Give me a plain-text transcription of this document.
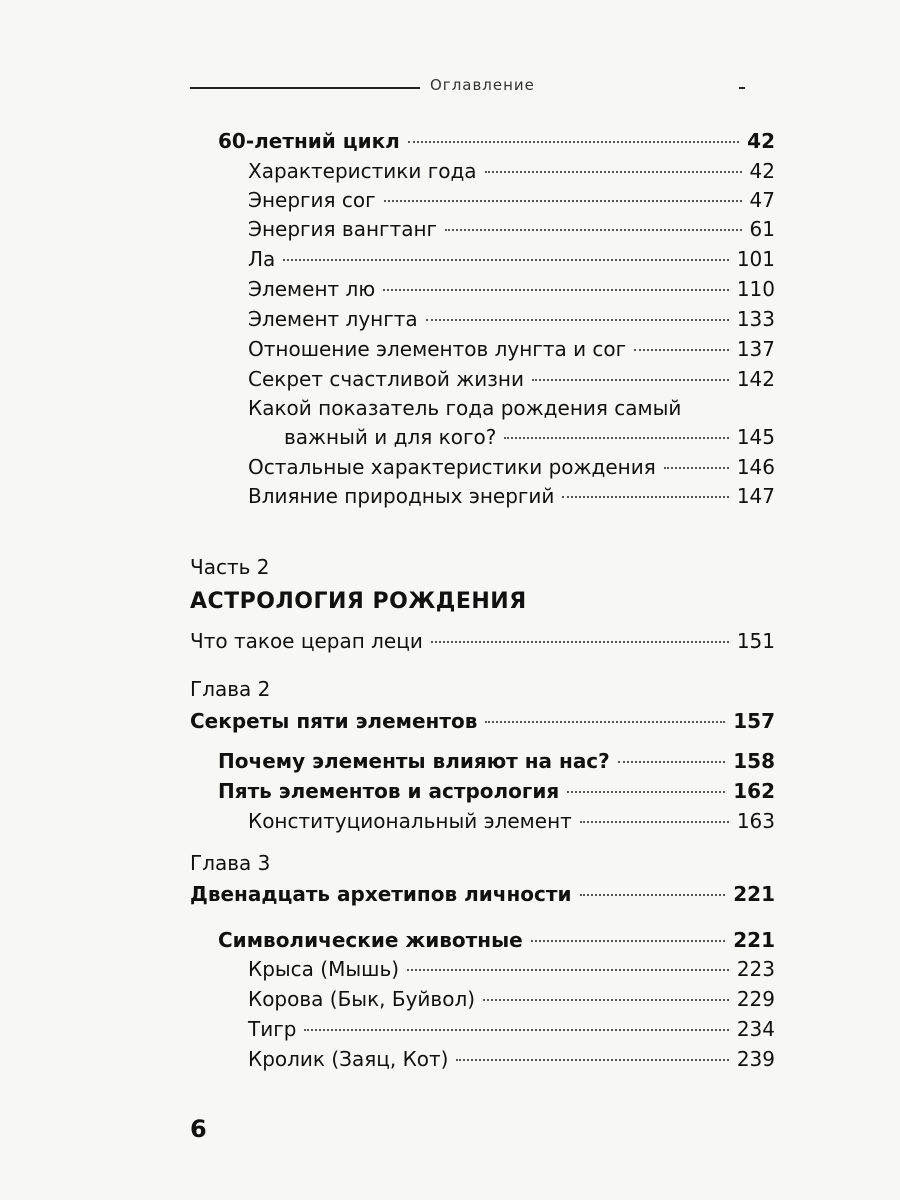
Оглавление
60-летний цикл	42
Характеристики года	42
Энергия сог	47
Энергия вангтанг	61
Ла	101
Элемент лю	110
Элемент лунгта	133
Отношение элементов лунгта и сог	137
Секрет счастливой жизни	142
Какой показатель года рождения самый
важный и для кого?	145
Остальные характеристики рождения	146
Влияние природных энергий	147
Часть 2
АСТРОЛОГИЯ РОЖДЕНИЯ
Что такое церап леци	151
Глава 2
Секреты пяти элементов	157
Почему элементы влияют на нас?	158
Пять элементов и астрология	162
Конституциональный элемент	163
Глава 3
Двенадцать архетипов личности	221
Символические животные	221
Крыса (Мышь)	223
Корова (Бык, Буйвол)	229
Тигр	234
Кролик (Заяц, Кот)	239
6
